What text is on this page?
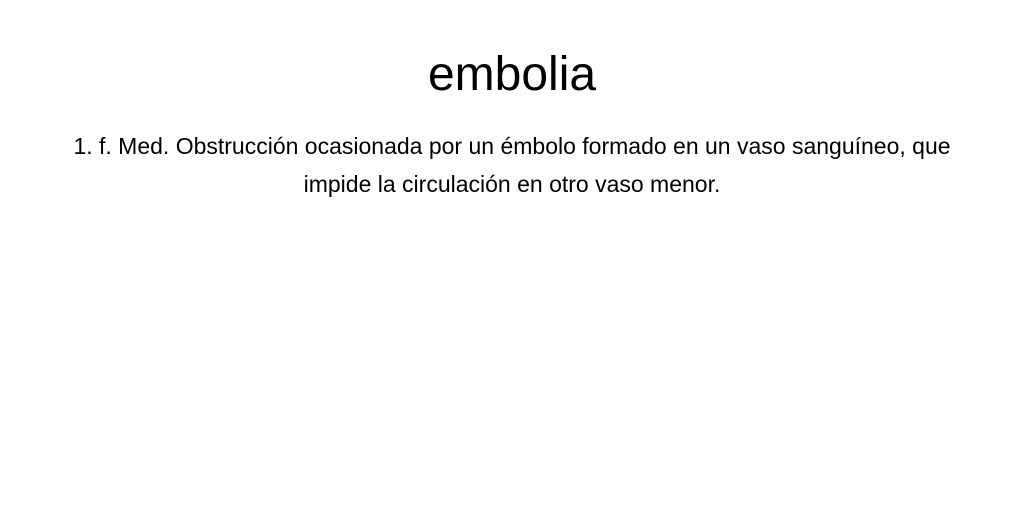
embolia

1. f. Med. Obstrucción ocasionada por un émbolo formado en un vaso sanguíneo, que impide la circulación en otro vaso menor.
